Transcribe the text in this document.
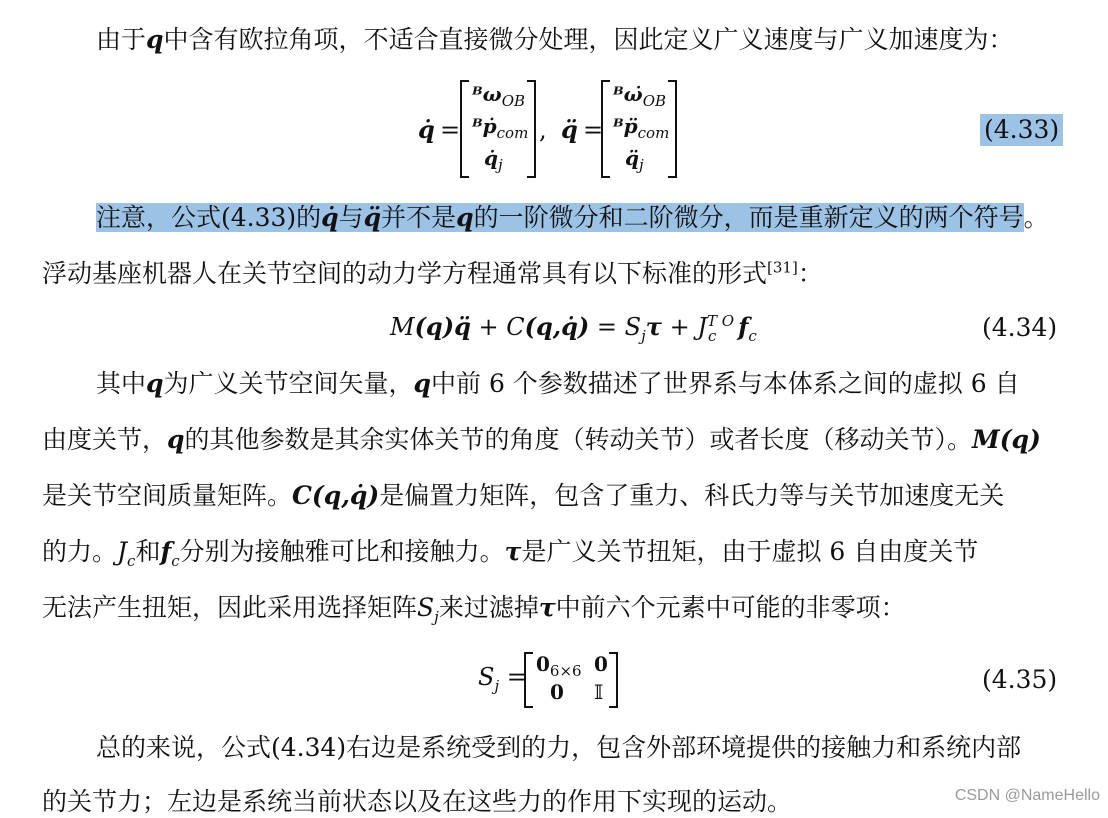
由于q中含有欧拉角项，不适合直接微分处理，因此定义广义速度与广义加速度为：
q̇ =
ᴮω$_{OB}$
ᴮṗ$_{com}$
$q̇_j$
, q̈ =
$ᴮ\omegȧ_{OB}$
$ᴮp̈_{com}$
$q̈_j$
(4.33)
注意，公式(4.33)的q̇与q̈并不是q的一阶微分和二阶微分，而是重新定义的两个符号。
浮动基座机器人在关节空间的动力学方程通常具有以下标准的形式[31]：
M(q)q̈ + C(q,q̇) = $S_j\tau + J^{T O}_c$ $f_c$	(4.34)
其中q为广义关节空间矢量，q中前 6 个参数描述了世界系与本体系之间的虚拟 6 自
由度关节，q的其他参数是其余实体关节的角度（转动关节）或者长度（移动关节）。M(q)
是关节空间质量矩阵。C(q,q̇)是偏置力矩阵，包含了重力、科氏力等与关节加速度无关
的力。$J_c$和$f_c$分别为接触雅可比和接触力。τ是广义关节扭矩，由于虚拟 6 自由度关节
无法产生扭矩，因此采用选择矩阵$S_j$来过滤掉τ中前六个元素中可能的非零项：
$S_j = 0_{6\times 6}$ 0
0 𝕀	(4.35)
总的来说，公式(4.34)右边是系统受到的力，包含外部环境提供的接触力和系统内部
的关节力；左边是系统当前状态以及在这些力的作用下实现的运动。	CSDN @NameHello
